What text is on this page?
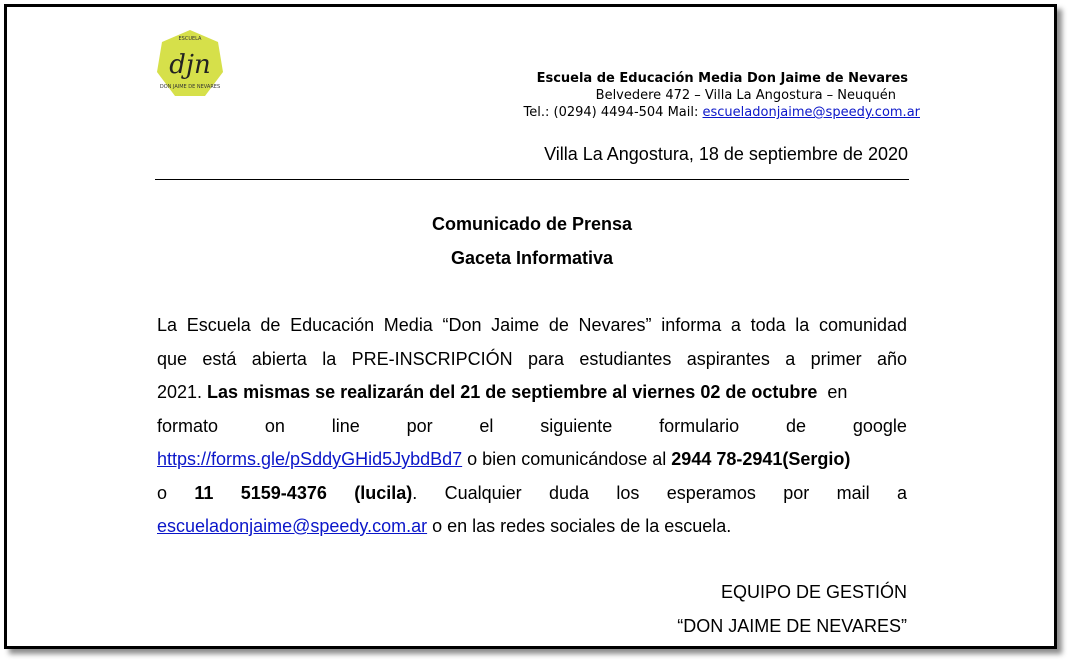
ESCUELA
djn
DON JAIME DE NEVARES
Escuela de Educación Media Don Jaime de Nevares
Belvedere 472 – Villa La Angostura – Neuquén
Tel.: (0294) 4494-504 Mail: escueladonjaime@speedy.com.ar
Villa La Angostura, 18 de septiembre de 2020
Comunicado de Prensa
Gaceta Informativa
La Escuela de Educación Media “Don Jaime de Nevares” informa a toda la comunidad
que está abierta la PRE-INSCRIPCIÓN para estudiantes aspirantes a primer año
2021. Las mismas se realizarán del 21 de septiembre al viernes 02 de octubre en
formato	on	line	por	el	siguiente	formulario	de	google
https://forms.gle/pSddyGHid5JybdBd7 o bien comunicándose al 2944 78-2941(Sergio)
o 11 5159-4376 (lucila). Cualquier duda los esperamos por mail a
escueladonjaime@speedy.com.ar o en las redes sociales de la escuela.
EQUIPO DE GESTIÓN
“DON JAIME DE NEVARES”
